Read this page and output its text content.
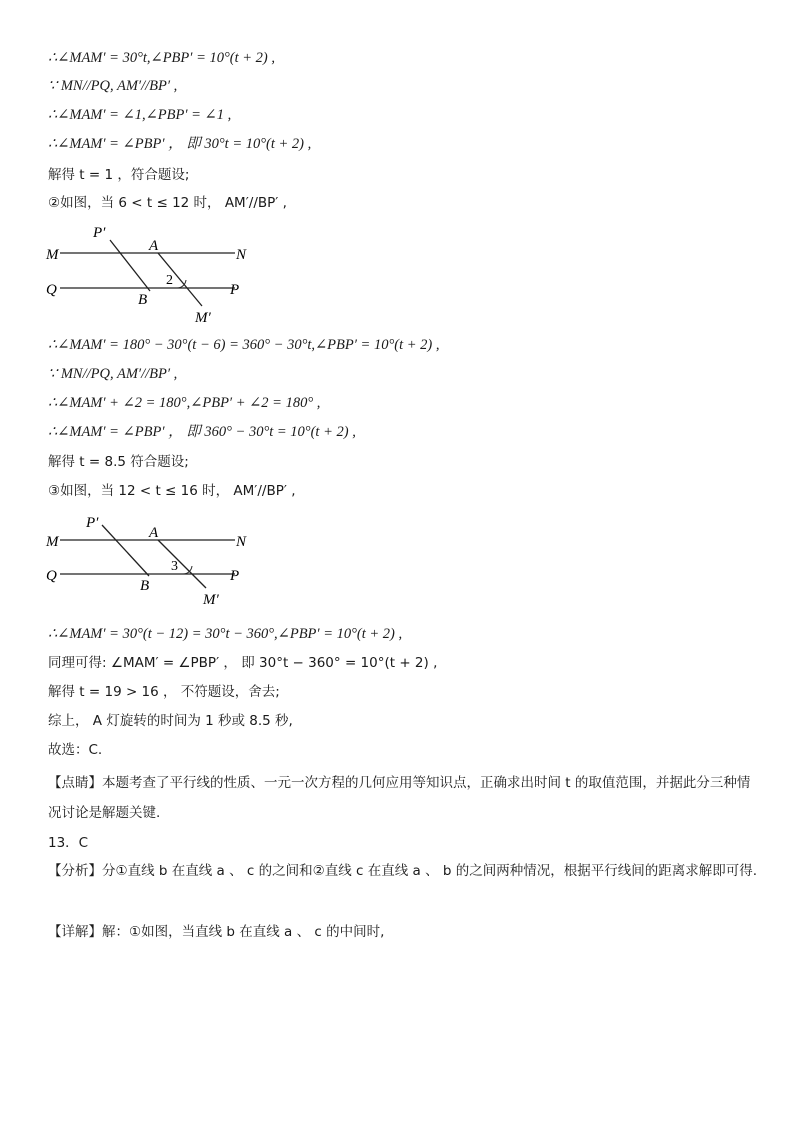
∴∠MAM′ = 30°t,∠PBP′ = 10°(t + 2) ,
∵ MN//PQ, AM′//BP′ ,
∴∠MAM′ = ∠1,∠PBP′ = ∠1 ,
∴∠MAM′ = ∠PBP′ ， 即 30°t = 10°(t + 2) ,
解得 t = 1 ，符合题设;
②如图，当 6 < t ≤ 12 时， AM′//BP′ ,
P′
A
M	N
Q
B
P
2
M′
∴∠MAM′ = 180° − 30°(t − 6) = 360° − 30°t,∠PBP′ = 10°(t + 2) ,
∵ MN//PQ, AM′//BP′ ,
∴∠MAM′ + ∠2 = 180°,∠PBP′ + ∠2 = 180° ,
∴∠MAM′ = ∠PBP′ ， 即 360° − 30°t = 10°(t + 2) ,
解得 t = 8.5 符合题设;
③如图，当 12 < t ≤ 16 时， AM′//BP′ ,
P′
A
M	N
Q
B
P
3
M′
∴∠MAM′ = 30°(t − 12) = 30°t − 360°,∠PBP′ = 10°(t + 2) ,
同理可得: ∠MAM′ = ∠PBP′ ， 即 30°t − 360° = 10°(t + 2) ,
解得 t = 19 > 16 ， 不符题设，舍去;
综上， A 灯旋转的时间为 1 秒或 8.5 秒,
故选：C.
【点睛】本题考查了平行线的性质、一元一次方程的几何应用等知识点，正确求出时间 t 的取值范围，并据此分三种情况讨论是解题关键.
13．C
【分析】分①直线 b 在直线 a 、 c 的之间和②直线 c 在直线 a 、 b 的之间两种情况，根据平行线间的距离求解即可得.
【详解】解：①如图，当直线 b 在直线 a 、 c 的中间时,
